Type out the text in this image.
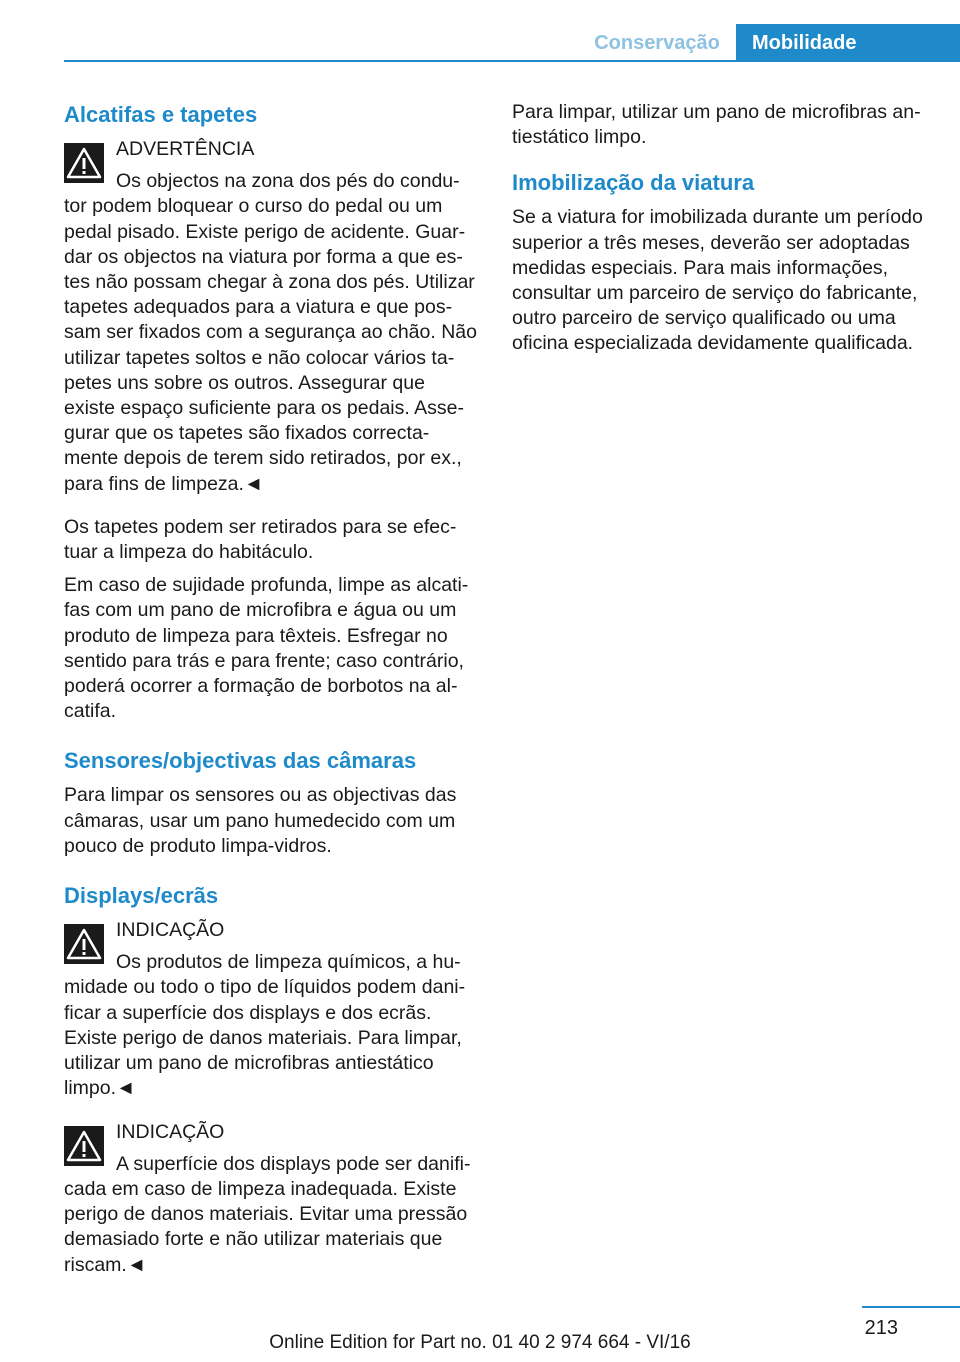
Conservação	Mobilidade
Alcatifas e tapetes
ADVERTÊNCIA

Os objectos na zona dos pés do condu-tor podem bloquear o curso do pedal ou um pedal pisado. Existe perigo de acidente. Guar-dar os objectos na viatura por forma a que es-tes não possam chegar à zona dos pés. Utilizar tapetes adequados para a viatura e que pos-sam ser fixados com a segurança ao chão. Não utilizar tapetes soltos e não colocar vários ta-petes uns sobre os outros. Assegurar que existe espaço suficiente para os pedais. Asse-gurar que os tapetes são fixados correcta-mente depois de terem sido retirados, por ex., para fins de limpeza.◄

Os tapetes podem ser retirados para se efec-tuar a limpeza do habitáculo.

Em caso de sujidade profunda, limpe as alcati-fas com um pano de microfibra e água ou um produto de limpeza para têxteis. Esfregar no sentido para trás e para frente; caso contrário, poderá ocorrer a formação de borbotos na al-catifa.

Sensores/objectivas das câmaras

Para limpar os sensores ou as objectivas das câmaras, usar um pano humedecido com um pouco de produto limpa-vidros.

Displays/ecrãs
INDICAÇÃO

Os produtos de limpeza químicos, a hu-midade ou todo o tipo de líquidos podem dani-ficar a superfície dos displays e dos ecrãs. Existe perigo de danos materiais. Para limpar, utilizar um pano de microfibras antiestático limpo.◄

INDICAÇÃO

A superfície dos displays pode ser danifi-cada em caso de limpeza inadequada. Existe perigo de danos materiais. Evitar uma pressão demasiado forte e não utilizar materiais que riscam.◄

Para limpar, utilizar um pano de microfibras an-tiestático limpo.

Imobilização da viatura

Se a viatura for imobilizada durante um período superior a três meses, deverão ser adoptadas medidas especiais. Para mais informações, consultar um parceiro de serviço do fabricante, outro parceiro de serviço qualificado ou uma oficina especializada devidamente qualificada.

213
Online Edition for Part no. 01 40 2 974 664 - VI/16
